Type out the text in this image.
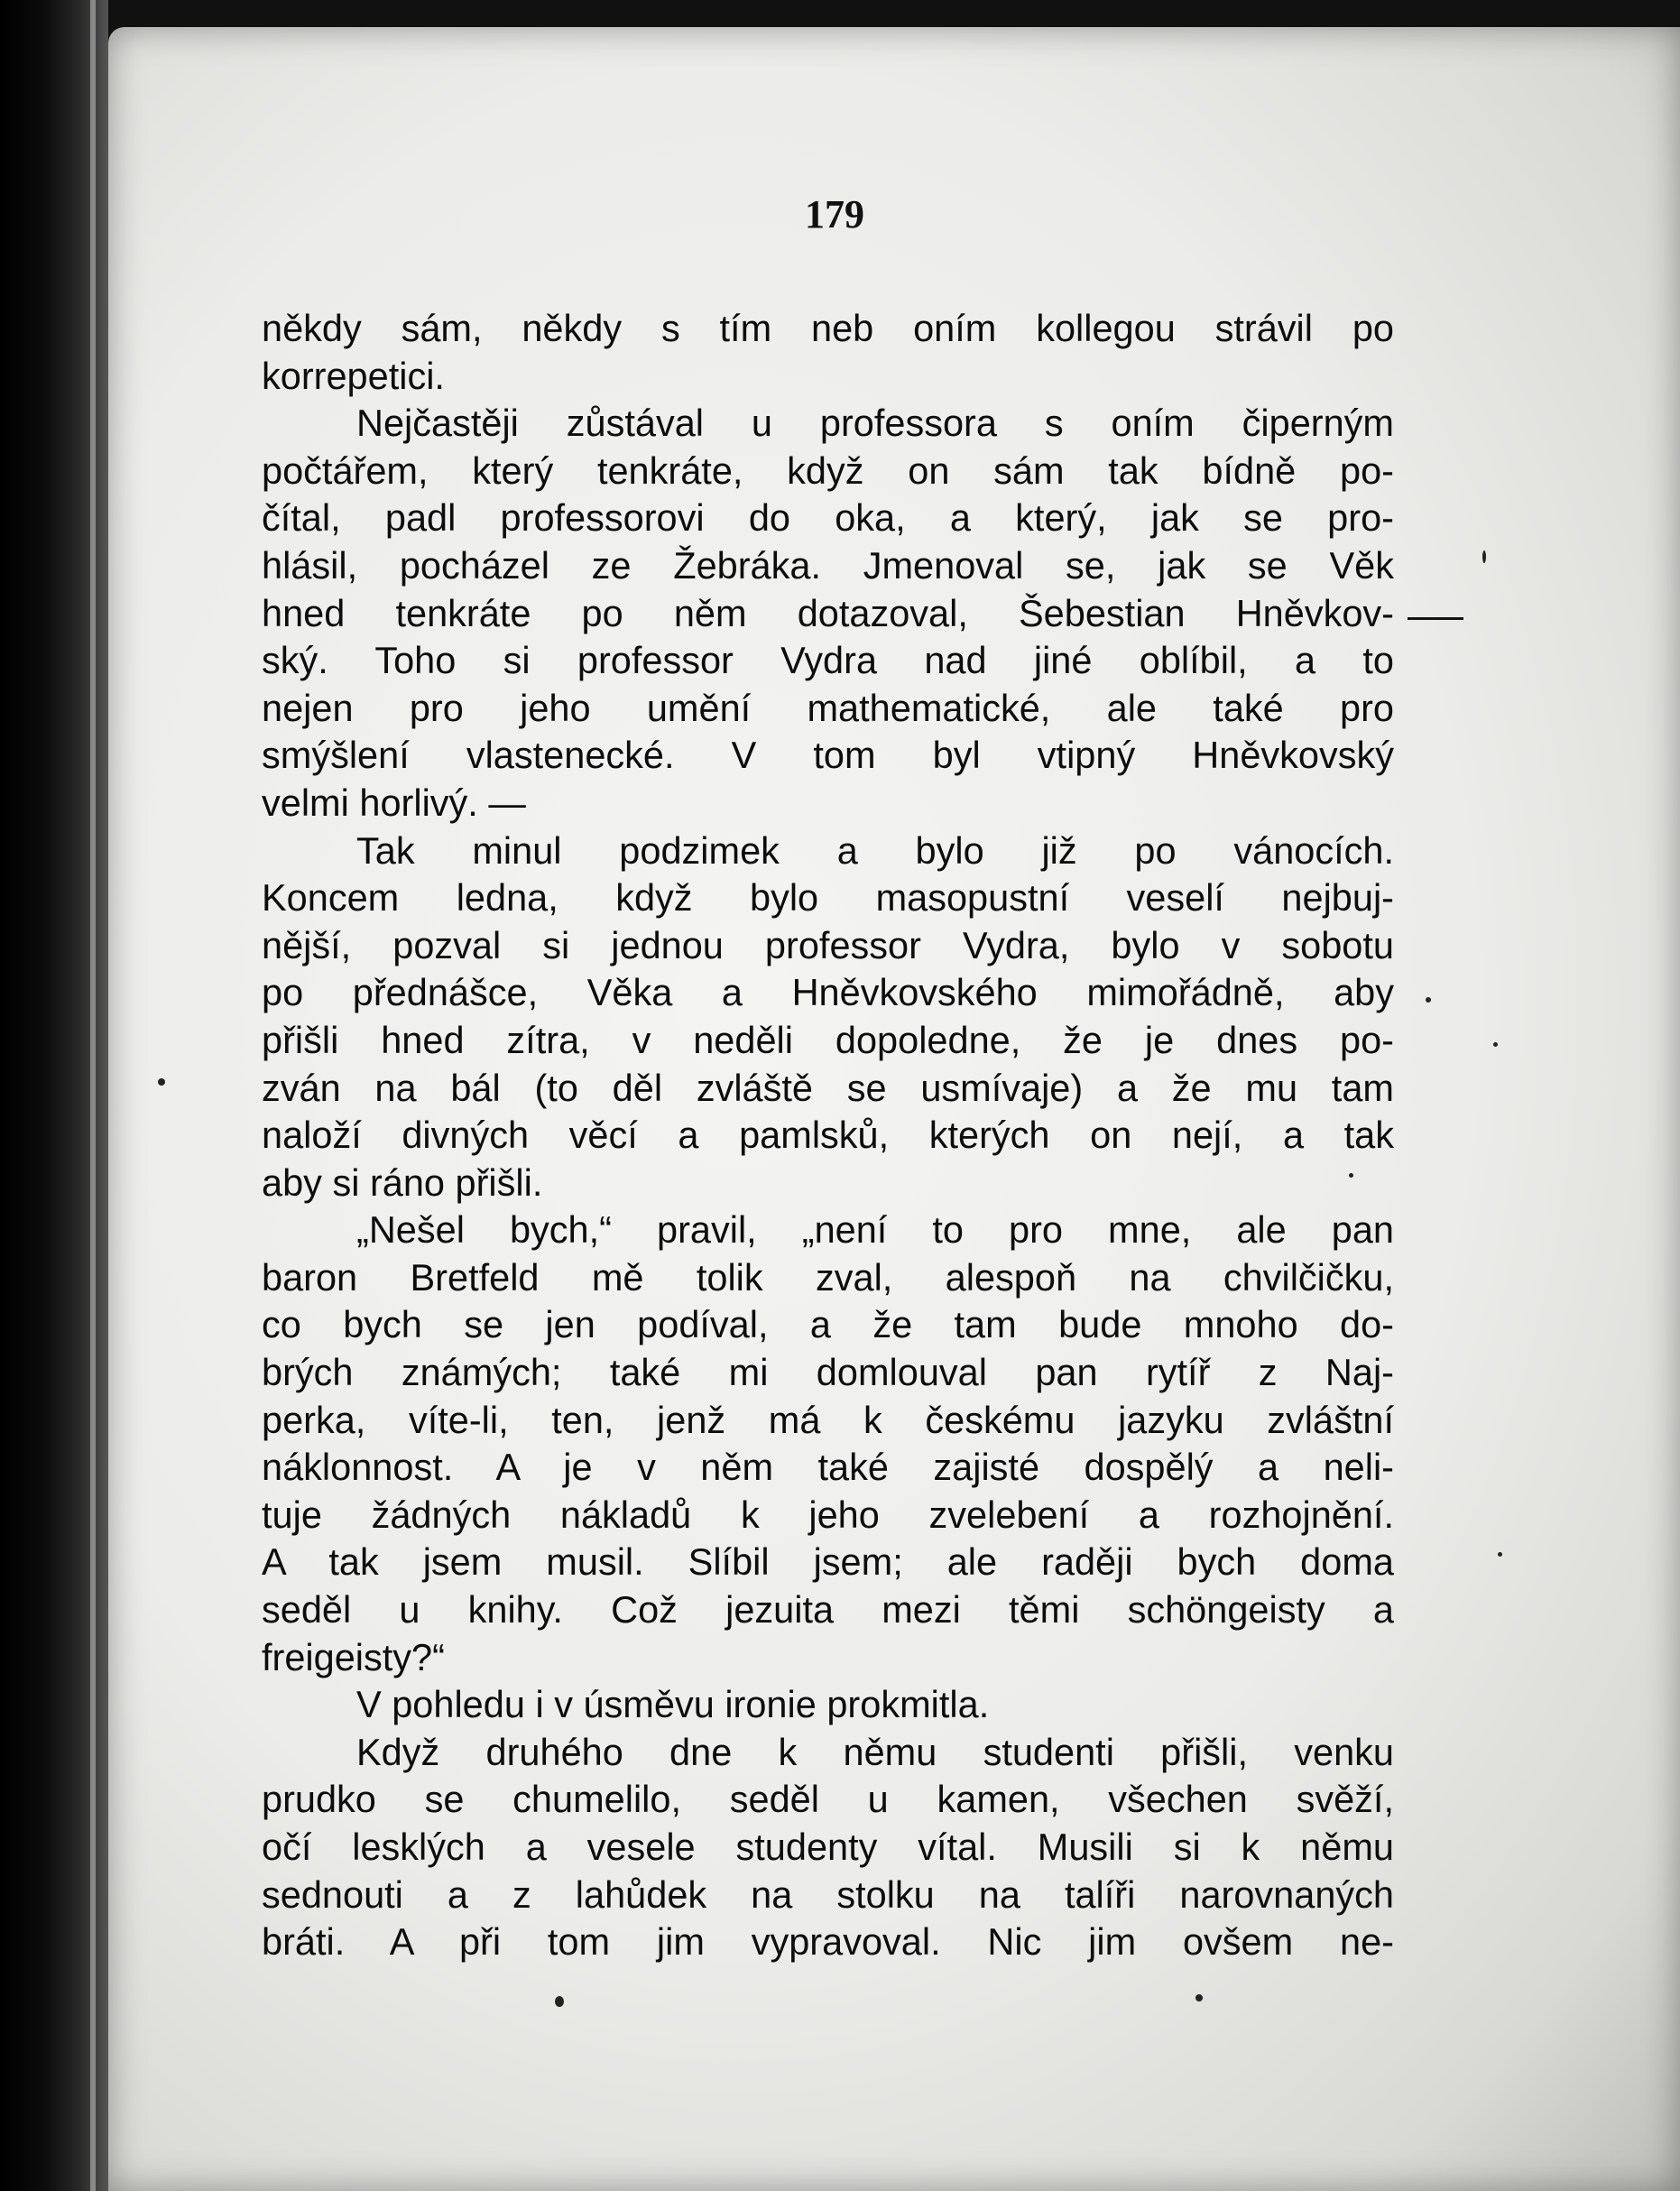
179
někdy sám, někdy s tím neb oním kollegou strávil po
korrepetici.
Nejčastěji zůstával u professora s oním čiperným
počtářem, který tenkráte, když on sám tak bídně po-
čítal, padl professorovi do oka, a který, jak se pro-
hlásil, pocházel ze Žebráka. Jmenoval se, jak se Věk
hned tenkráte po něm dotazoval, Šebestian Hněvkov-
ský. Toho si professor Vydra nad jiné oblíbil, a to
nejen pro jeho umění mathematické, ale také pro
smýšlení vlastenecké. V tom byl vtipný Hněvkovský
velmi horlivý. —
Tak minul podzimek a bylo již po vánocích.
Koncem ledna, když bylo masopustní veselí nejbuj-
nější, pozval si jednou professor Vydra, bylo v sobotu
po přednášce, Věka a Hněvkovského mimořádně, aby
přišli hned zítra, v neděli dopoledne, že je dnes po-
zván na bál (to děl zvláště se usmívaje) a že mu tam
naloží divných věcí a pamlsků, kterých on nejí, a tak
aby si ráno přišli.
„Nešel bych,“ pravil, „není to pro mne, ale pan
baron Bretfeld mě tolik zval, alespoň na chvilčičku,
co bych se jen podíval, a že tam bude mnoho do-
brých známých; také mi domlouval pan rytíř z Naj-
perka, víte-li, ten, jenž má k českému jazyku zvláštní
náklonnost. A je v něm také zajisté dospělý a neli-
tuje žádných nákladů k jeho zvelebení a rozhojnění.
A tak jsem musil. Slíbil jsem; ale raději bych doma
seděl u knihy. Což jezuita mezi těmi schöngeisty a
freigeisty?“
V pohledu i v úsměvu ironie prokmitla.
Když druhého dne k němu studenti přišli, venku
prudko se chumelilo, seděl u kamen, všechen svěží,
očí lesklých a vesele studenty vítal. Musili si k němu
sednouti a z lahůdek na stolku na talíři narovnaných
bráti. A při tom jim vypravoval. Nic jim ovšem ne-
